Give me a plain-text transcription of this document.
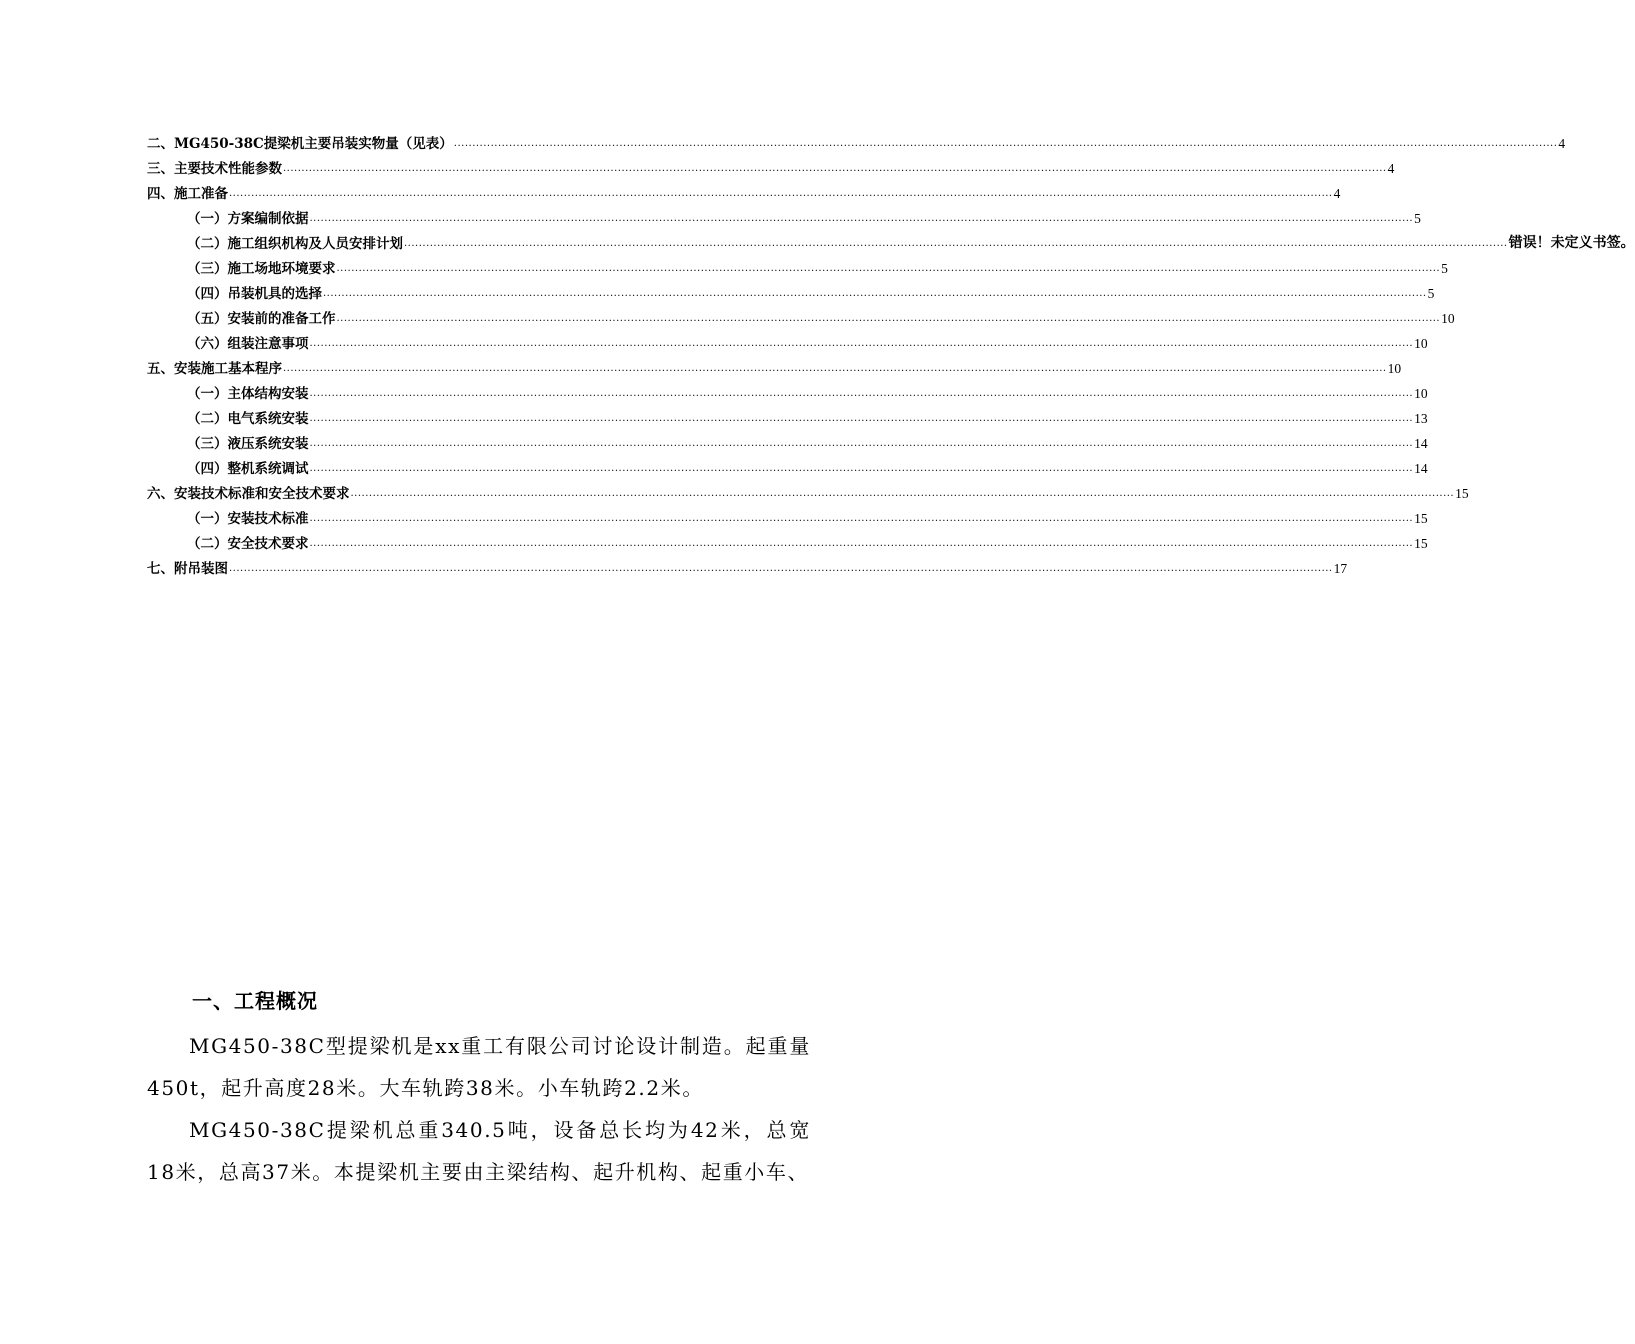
二、MG450-38C提梁机主要吊装实物量（见表） ............................................................................................................................................................................................................................................................................................................ 4
三、主要技术性能参数 ............................................................................................................................................................................................................................................................................................................ 4
四、施工准备 ............................................................................................................................................................................................................................................................................................................ 4
（一）方案编制依据 ............................................................................................................................................................................................................................................................................................................ 5
（二）施工组织机构及人员安排计划 ............................................................................................................................................................................................................................................................................................................ 错误！未定义书签。
（三）施工场地环境要求 ............................................................................................................................................................................................................................................................................................................ 5
（四）吊装机具的选择 ............................................................................................................................................................................................................................................................................................................ 5
（五）安装前的准备工作 ............................................................................................................................................................................................................................................................................................................ 10
（六）组装注意事项 ............................................................................................................................................................................................................................................................................................................ 10
五、安装施工基本程序 ............................................................................................................................................................................................................................................................................................................ 10
（一）主体结构安装 ............................................................................................................................................................................................................................................................................................................ 10
（二）电气系统安装 ............................................................................................................................................................................................................................................................................................................ 13
（三）液压系统安装 ............................................................................................................................................................................................................................................................................................................ 14
（四）整机系统调试 ............................................................................................................................................................................................................................................................................................................ 14
六、安装技术标准和安全技术要求 ............................................................................................................................................................................................................................................................................................................ 15
（一）安装技术标准 ............................................................................................................................................................................................................................................................................................................ 15
（二）安全技术要求 ............................................................................................................................................................................................................................................................................................................ 15
七、附吊装图 ............................................................................................................................................................................................................................................................................................................ 17
一、工程概况
MG450-38C型提梁机是xx重工有限公司讨论设计制造。起重量450t，起升高度28米。大车轨跨38米。小车轨跨2.2米。
MG450-38C提梁机总重340.5吨，设备总长均为42米，总宽18米，总高37米。本提梁机主要由主梁结构、起升机构、起重小车、
